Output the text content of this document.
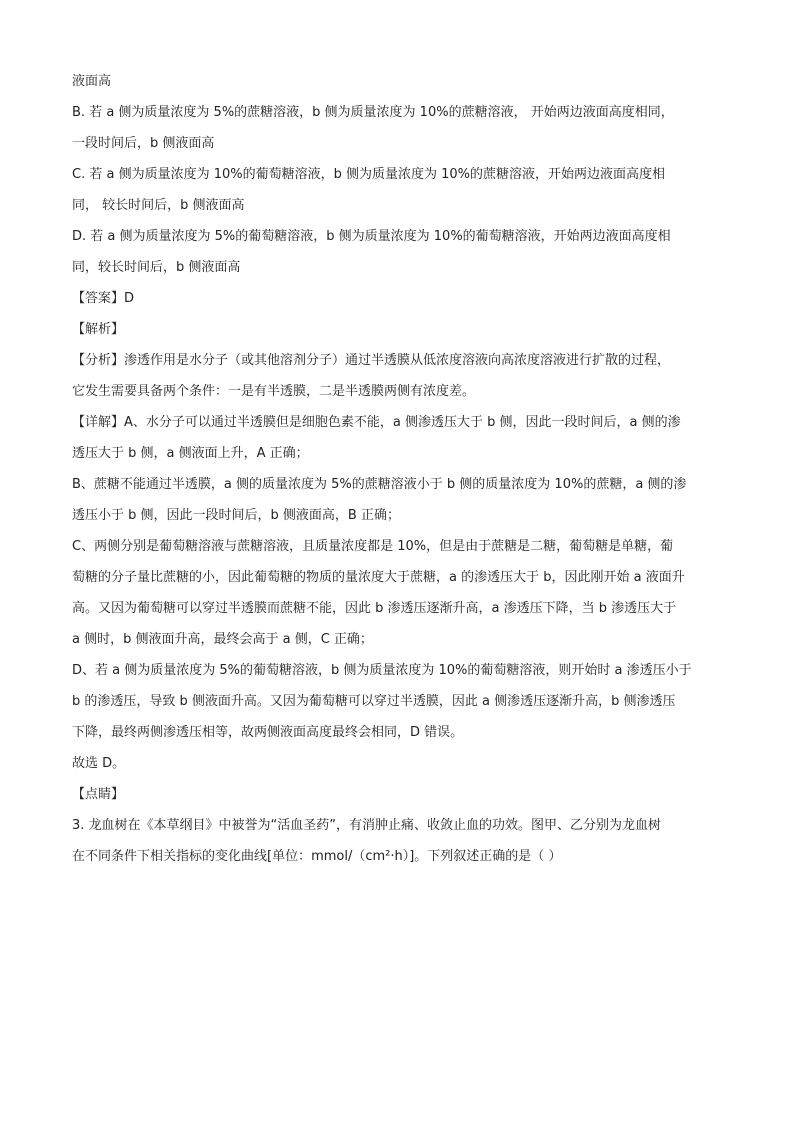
液面高
B. 若 a 侧为质量浓度为 5%的蔗糖溶液，b 侧为质量浓度为 10%的蔗糖溶液， 开始两边液面高度相同，
一段时间后，b 侧液面高
C. 若 a 侧为质量浓度为 10%的葡萄糖溶液，b 侧为质量浓度为 10%的蔗糖溶液，开始两边液面高度相
同， 较长时间后，b 侧液面高
D. 若 a 侧为质量浓度为 5%的葡萄糖溶液，b 侧为质量浓度为 10%的葡萄糖溶液，开始两边液面高度相
同，较长时间后，b 侧液面高
【答案】D
【解析】
【分析】渗透作用是水分子（或其他溶剂分子）通过半透膜从低浓度溶液向高浓度溶液进行扩散的过程，
它发生需要具备两个条件：一是有半透膜，二是半透膜两侧有浓度差。
【详解】A、水分子可以通过半透膜但是细胞色素不能，a 侧渗透压大于 b 侧，因此一段时间后，a 侧的渗
透压大于 b 侧，a 侧液面上升，A 正确；
B、蔗糖不能通过半透膜，a 侧的质量浓度为 5%的蔗糖溶液小于 b 侧的质量浓度为 10%的蔗糖，a 侧的渗
透压小于 b 侧，因此一段时间后，b 侧液面高，B 正确；
C、两侧分别是葡萄糖溶液与蔗糖溶液，且质量浓度都是 10%，但是由于蔗糖是二糖，葡萄糖是单糖，葡
萄糖的分子量比蔗糖的小，因此葡萄糖的物质的量浓度大于蔗糖，a 的渗透压大于 b，因此刚开始 a 液面升
高。又因为葡萄糖可以穿过半透膜而蔗糖不能，因此 b 渗透压逐渐升高，a 渗透压下降，当 b 渗透压大于
a 侧时，b 侧液面升高，最终会高于 a 侧，C 正确；
D、若 a 侧为质量浓度为 5%的葡萄糖溶液，b 侧为质量浓度为 10%的葡萄糖溶液，则开始时 a 渗透压小于
b 的渗透压，导致 b 侧液面升高。又因为葡萄糖可以穿过半透膜，因此 a 侧渗透压逐渐升高，b 侧渗透压
下降，最终两侧渗透压相等，故两侧液面高度最终会相同，D 错误。
故选 D。
【点睛】
3. 龙血树在《本草纲目》中被誉为“活血圣药”，有消肿止痛、收敛止血的功效。图甲、乙分别为龙血树
在不同条件下相关指标的变化曲线[单位：mmol/（cm²·h）]。下列叙述正确的是（ ）
